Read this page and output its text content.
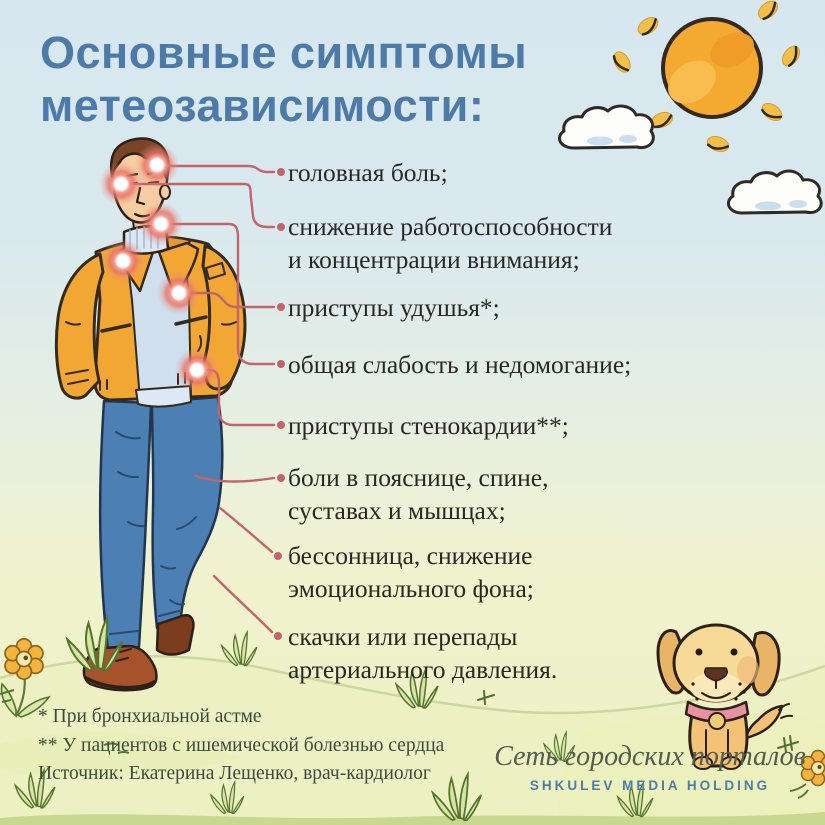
Основные симптомы
метеозависимости:
головная боль;
снижение работоспособности
и концентрации внимания;
приступы удушья*;
общая слабость и недомогание;
приступы стенокардии**;
боли в пояснице, спине,
суставах и мышцах;
бессонница, снижение
эмоционального фона;
скачки или перепады
артериального давления.
* При бронхиальной астме
** У пациентов с ишемической болезнью сердца
Источник: Екатерина Лещенко, врач-кардиолог
Сеть городских порталов
SHKULEV MEDIA HOLDING
